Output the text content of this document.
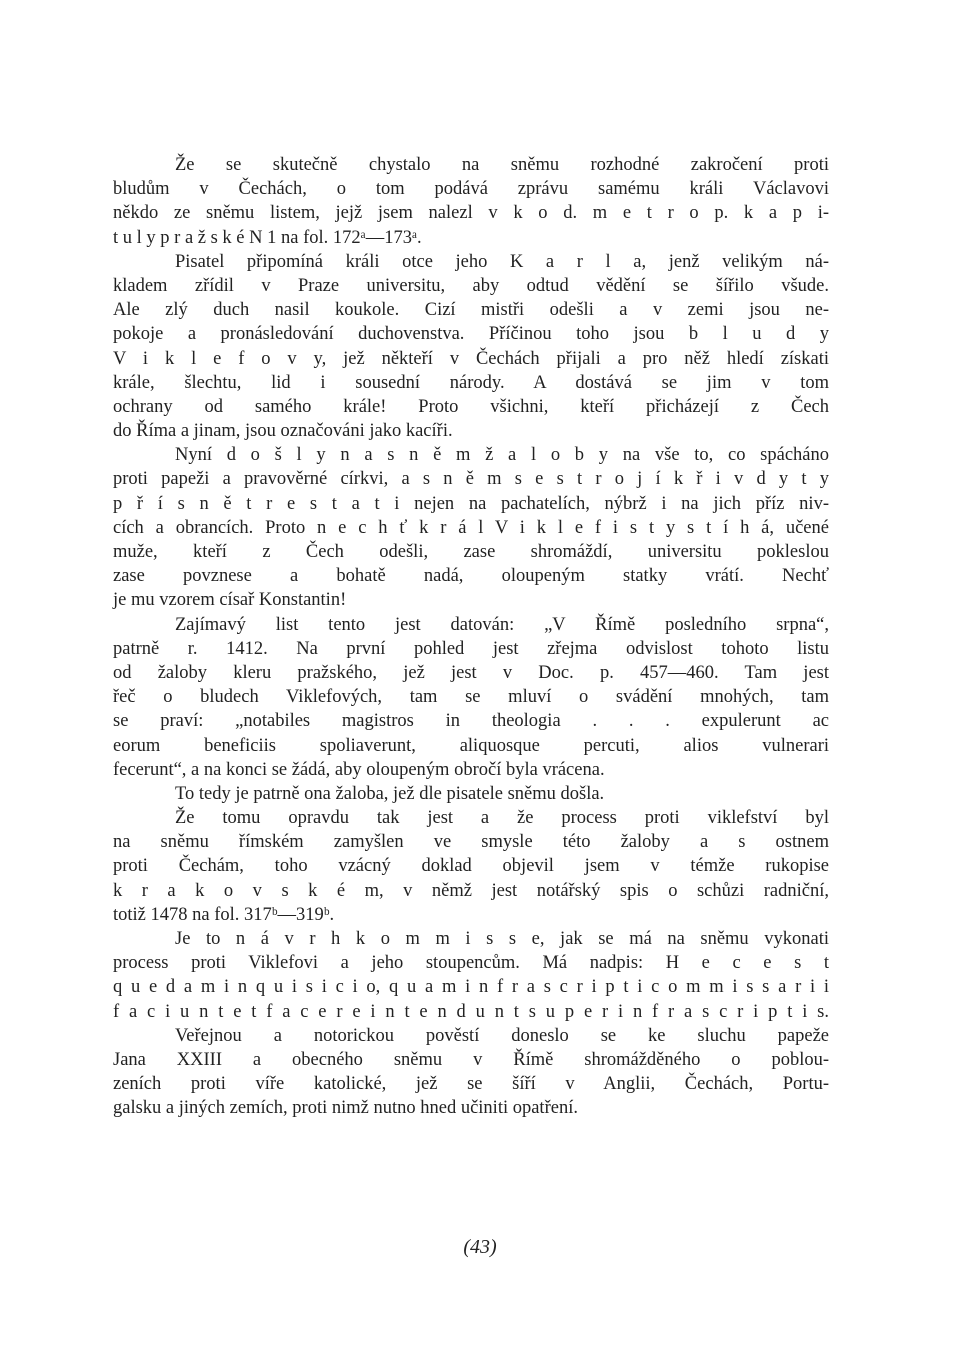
Že se skutečně chystalo na sněmu rozhodné zakročení proti
bludům v Čechách, o tom podává zprávu samému králi Václavovi
někdo ze sněmu listem, jejž jsem nalezl v k o d. m e t r o p. k a p i-
t u l y p r a ž s k é N 1 na fol. 172ᵃ—173ᵃ.
Pisatel připomíná králi otce jeho K a r l a, jenž velikým ná-
kladem zřídil v Praze universitu, aby odtud vědění se šířilo všude.
Ale zlý duch nasil koukole. Cizí mistři odešli a v zemi jsou ne-
pokoje a pronásledování duchovenstva. Příčinou toho jsou b l u d y
V i k l e f o v y, jež někteří v Čechách přijali a pro něž hledí získati
krále, šlechtu, lid i sousední národy. A dostává se jim v tom
ochrany od samého krále! Proto všichni, kteří přicházejí z Čech
do Říma a jinam, jsou označováni jako kacíři.
Nyní d o š l y n a s n ě m ž a l o b y na vše to, co spácháno
proti papeži a pravověrné církvi, a s n ě m s e s t r o j í k ř i v d y t y
p ř í s n ě t r e s t a t i nejen na pachatelích, nýbrž i na jich příz niv-
cích a obrancích. Proto n e c h ť k r á l V i k l e f i s t y s t í h á, učené
muže, kteří z Čech odešli, zase shromáždí, universitu pokleslou
zase povznese a bohatě nadá, oloupeným statky vrátí. Nechť
je mu vzorem císař Konstantin!
Zajímavý list tento jest datován: „V Římě posledního srpna“,
patrně r. 1412. Na první pohled jest zřejma odvislost tohoto listu
od žaloby kleru pražského, jež jest v Doc. p. 457—460. Tam jest
řeč o bludech Viklefových, tam se mluví o svádění mnohých, tam
se praví: „notabiles magistros in theologia . . . expulerunt ac
eorum beneficiis spoliaverunt, aliquosque percuti, alios vulnerari
fecerunt“, a na konci se žádá, aby oloupeným obročí byla vrácena.
To tedy je patrně ona žaloba, jež dle pisatele sněmu došla.
Že tomu opravdu tak jest a že process proti viklefství byl
na sněmu římském zamyšlen ve smysle této žaloby a s ostnem
proti Čechám, toho vzácný doklad objevil jsem v témže rukopise
k r a k o v s k é m, v němž jest notářský spis o schůzi radniční,
totiž 1478 na fol. 317ᵇ—319ᵇ.
Je to n á v r h k o m m i s s e, jak se má na sněmu vykonati
process proti Viklefovi a jeho stoupencům. Má nadpis: H e c e s t
q u e d a m i n q u i s i c i o, q u a m i n f r a s c r i p t i c o m m i s s a r i i
f a c i u n t e t f a c e r e i n t e n d u n t s u p e r i n f r a s c r i p t i s.
Veřejnou a notorickou pověstí doneslo se ke sluchu papeže
Jana XXIII a obecného sněmu v Římě shromážděného o poblou-
zeních proti víře katolické, jež se šíří v Anglii, Čechách, Portu-
galsku a jiných zemích, proti nimž nutno hned učiniti opatření.
(43)
